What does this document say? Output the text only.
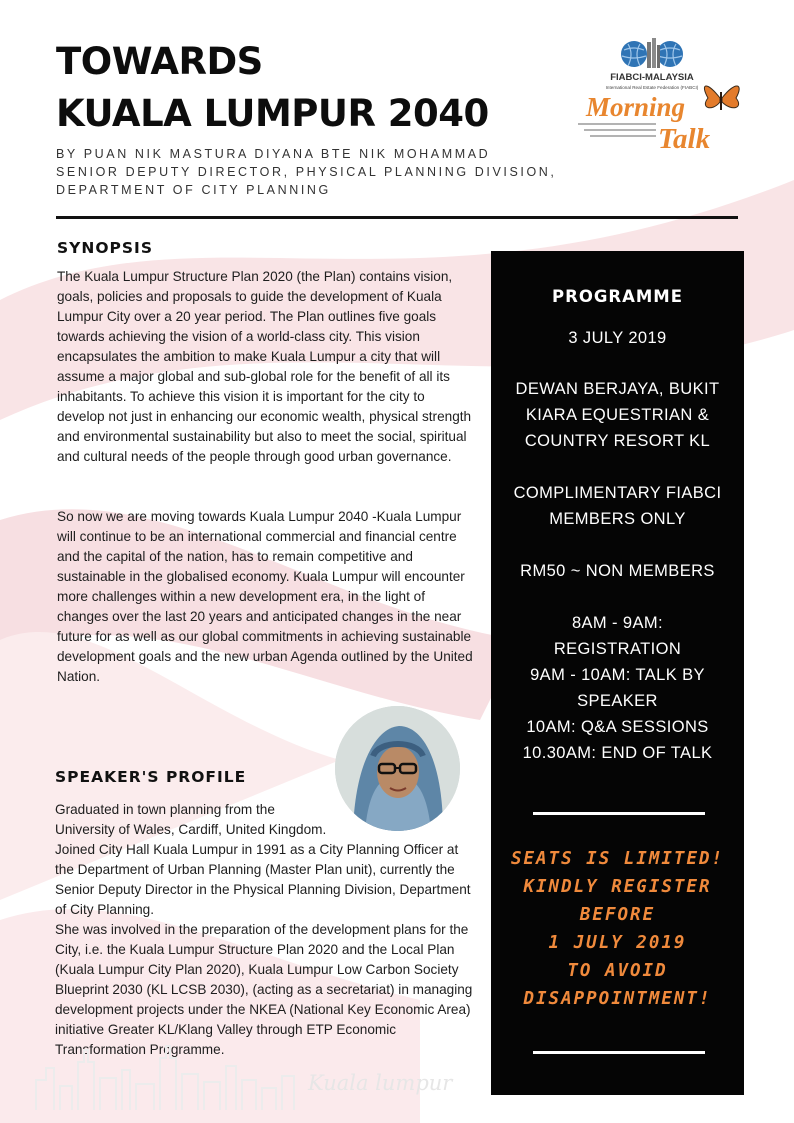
TOWARDS
KUALA LUMPUR 2040
BY PUAN NIK MASTURA DIYANA BTE NIK MOHAMMAD
SENIOR DEPUTY DIRECTOR, PHYSICAL PLANNING DIVISION,
DEPARTMENT OF CITY PLANNING
FIABCI-MALAYSIA
International Real Estate Federation (FIABCI)
Morning
Talk
SYNOPSIS

The Kuala Lumpur Structure Plan 2020 (the Plan) contains vision, goals, policies and proposals to guide the development of Kuala Lumpur City over a 20 year period. The Plan outlines five goals towards achieving the vision of a world-class city. This vision encapsulates the ambition to make Kuala Lumpur a city that will assume a major global and sub-global role for the benefit of all its inhabitants. To achieve this vision it is important for the city to develop not just in enhancing our economic wealth, physical strength and environmental sustainability but also to meet the social, spiritual and cultural needs of the people through good urban governance.

So now we are moving towards Kuala Lumpur 2040 -Kuala Lumpur will continue to be an international commercial and financial centre and the capital of the nation, has to remain competitive and sustainable in the globalised economy. Kuala Lumpur will encounter more challenges within a new development era, in the light of changes over the last 20 years and anticipated changes in the near future for as well as our global commitments in achieving sustainable development goals and the new urban Agenda outlined by the United Nation.

SPEAKER'S PROFILE
Graduated in town planning from the
University of Wales, Cardiff, United Kingdom.
Joined City Hall Kuala Lumpur in 1991 as a City Planning Officer at the Department of Urban Planning (Master Plan unit), currently the Senior Deputy Director in the Physical Planning Division, Department of City Planning.
She was involved in the preparation of the development plans for the City, i.e. the Kuala Lumpur Structure Plan 2020 and the Local Plan (Kuala Lumpur City Plan 2020), Kuala Lumpur Low Carbon Society Blueprint 2030 (KL LCSB 2030), (acting as a secretariat) in managing development projects under the NKEA (National Key Economic Area) initiative Greater KL/Klang Valley through ETP Economic Transformation Programme.
Kuala lumpur
PROGRAMME
3 JULY 2019
DEWAN BERJAYA, BUKIT
KIARA EQUESTRIAN &
COUNTRY RESORT KL
COMPLIMENTARY FIABCI
MEMBERS ONLY
RM50 ~ NON MEMBERS
8AM - 9AM:
REGISTRATION
9AM - 10AM: TALK BY
SPEAKER
10AM: Q&A SESSIONS
10.30AM: END OF TALK

SEATS IS LIMITED!
KINDLY REGISTER
BEFORE
1 JULY 2019
TO AVOID
DISAPPOINTMENT!
